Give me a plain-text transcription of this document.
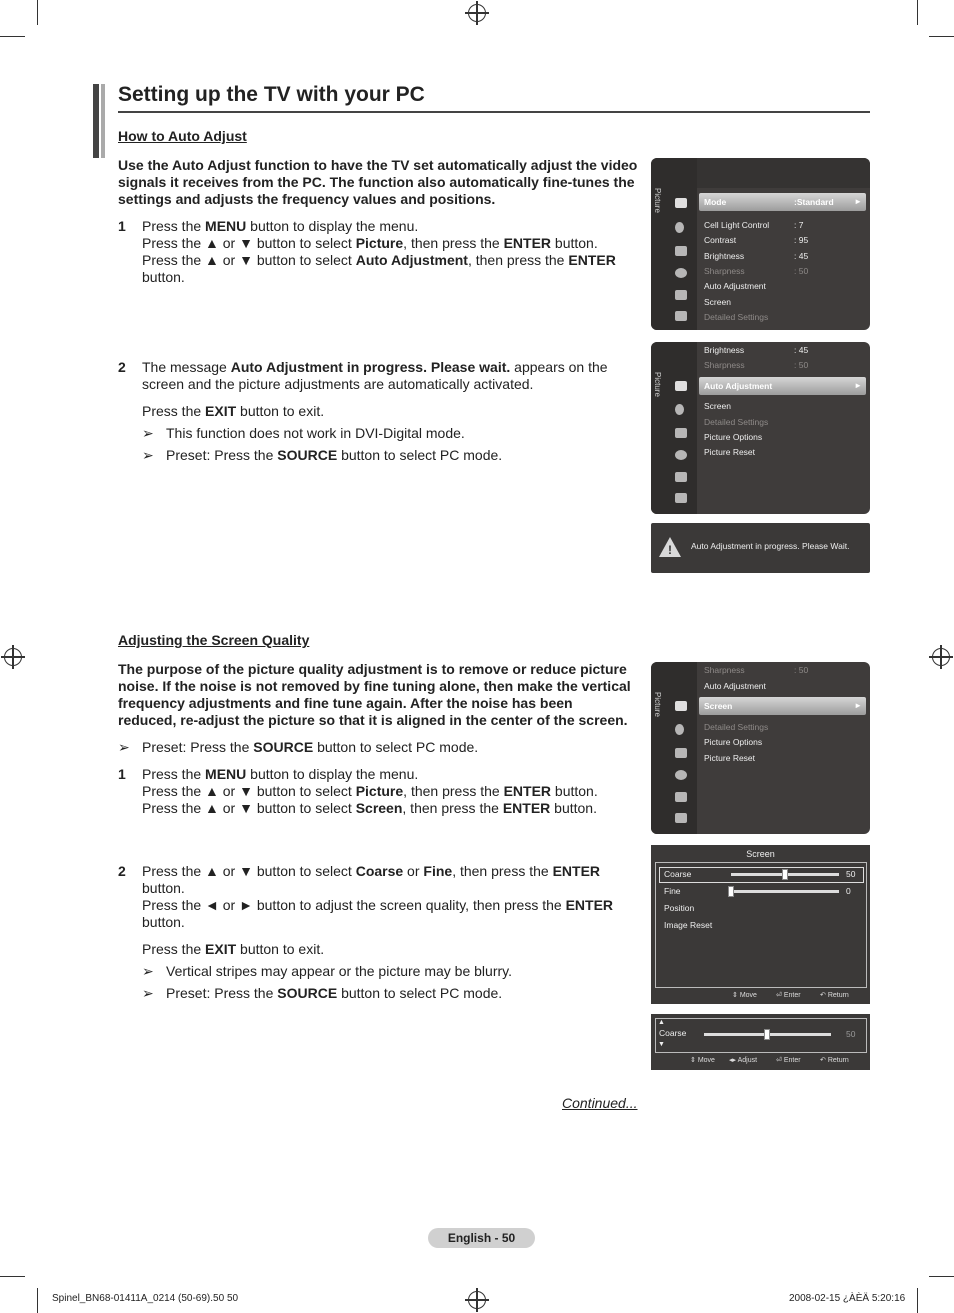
Setting up the TV with your PC
How to Auto Adjust
Use the Auto Adjust function to have the TV set automatically adjust the video signals it receives from the PC. The function also automatically fine-tunes the settings and adjusts the frequency values and positions.
1 Press the MENU button to display the menu.
Press the ▲ or ▼ button to select Picture, then press the ENTER button.
Press the ▲ or ▼ button to select Auto Adjustment, then press the ENTER button.
2 The message Auto Adjustment in progress. Please wait. appears on the screen and the picture adjustments are automatically activated.
Press the EXIT button to exit.
➢ This function does not work in DVI-Digital mode.
➢ Preset: Press the SOURCE button to select PC mode.
Picture	Mode	:Standard	►
Cell Light Control	: 7
Contrast	: 95
Brightness	: 45
Sharpness	: 50
Auto Adjustment
Screen
Detailed Settings
Picture
Brightness	: 45
Sharpness	: 50
Auto Adjustment	►
Screen
Detailed Settings
Picture Options
Picture Reset
! Auto Adjustment in progress. Please Wait.
Adjusting the Screen Quality
The purpose of the picture quality adjustment is to remove or reduce picture noise. If the noise is not removed by fine tuning alone, then make the vertical frequency adjustments and fine tune again. After the noise has been reduced, re-adjust the picture so that it is aligned in the center of the screen.
➢ Preset: Press the SOURCE button to select PC mode.
1 Press the MENU button to display the menu.
Press the ▲ or ▼ button to select Picture, then press the ENTER button.
Press the ▲ or ▼ button to select Screen, then press the ENTER button.
2 Press the ▲ or ▼ button to select Coarse or Fine, then press the ENTER button.
Press the ◄ or ► button to adjust the screen quality, then press the ENTER button.
Press the EXIT button to exit.
➢ Vertical stripes may appear or the picture may be blurry.
➢ Preset: Press the SOURCE button to select PC mode.
Picture
Sharpness	: 50
Auto Adjustment
Screen	►
Detailed Settings
Picture Options
Picture Reset
Screen
Coarse	50
Fine	0
Position
Image Reset
⇕ Move	⏎ Enter	↶ Return
▲
Coarse
▼
50
⇕ Move ◂▸ Adjust	⏎ Enter	↶ Return
Continued...
English - 50
Spinel_BN68-01411A_0214 (50-69).50 50	2008-02-15 ¿ÀÈÄ 5:20:16
